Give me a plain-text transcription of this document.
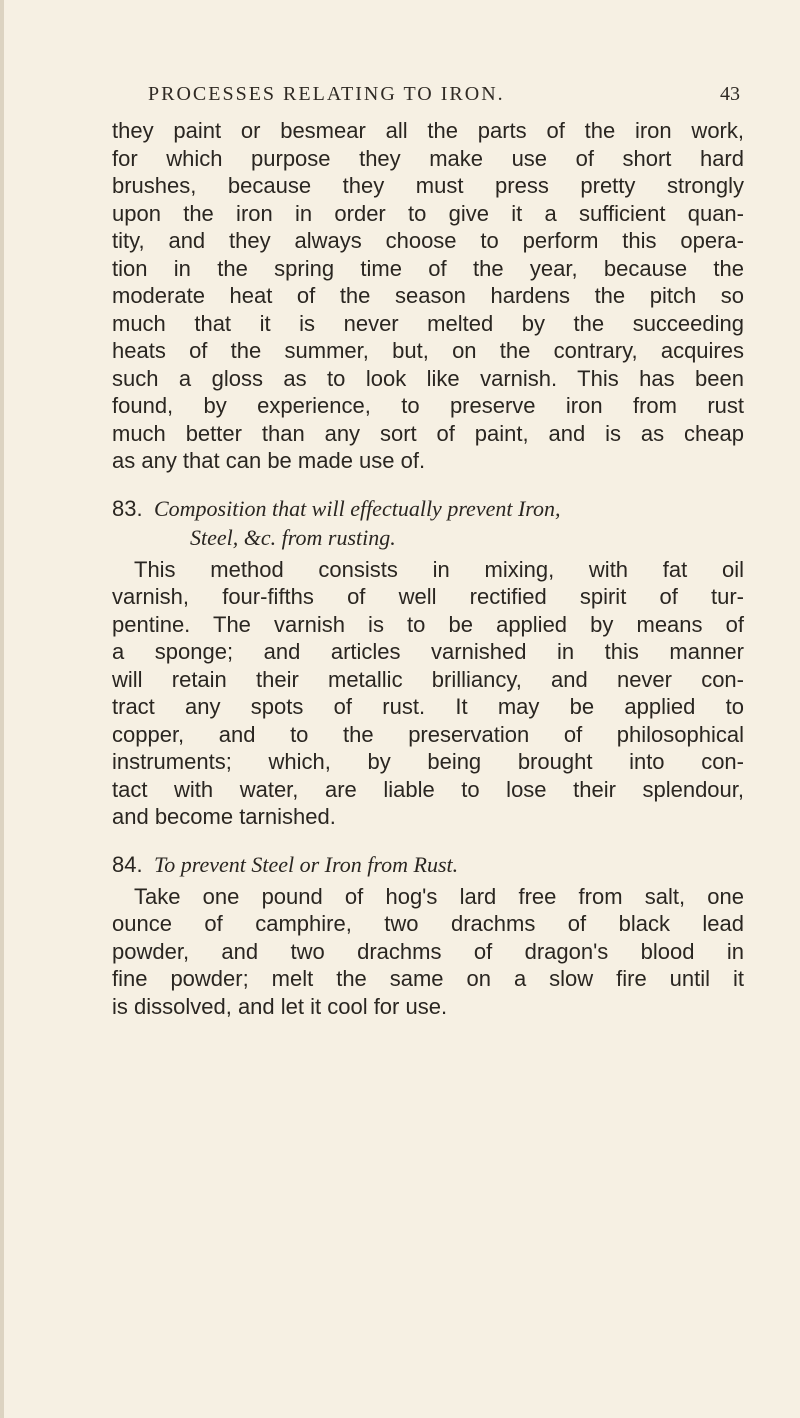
PROCESSES RELATING TO IRON.	43
they paint or besmear all the parts of the iron work,
for which purpose they make use of short hard
brushes, because they must press pretty strongly
upon the iron in order to give it a sufficient quan-
tity, and they always choose to perform this opera-
tion in the spring time of the year, because the
moderate heat of the season hardens the pitch so
much that it is never melted by the succeeding
heats of the summer, but, on the contrary, acquires
such a gloss as to look like varnish. This has been
found, by experience, to preserve iron from rust
much better than any sort of paint, and is as cheap
as any that can be made use of.
83. Composition that will effectually prevent Iron,
Steel, &c. from rusting.
This method consists in mixing, with fat oil
varnish, four-fifths of well rectified spirit of tur-
pentine. The varnish is to be applied by means of
a sponge; and articles varnished in this manner
will retain their metallic brilliancy, and never con-
tract any spots of rust. It may be applied to
copper, and to the preservation of philosophical
instruments; which, by being brought into con-
tact with water, are liable to lose their splendour,
and become tarnished.
84. To prevent Steel or Iron from Rust.
Take one pound of hog's lard free from salt, one
ounce of camphire, two drachms of black lead
powder, and two drachms of dragon's blood in
fine powder; melt the same on a slow fire until it
is dissolved, and let it cool for use.
